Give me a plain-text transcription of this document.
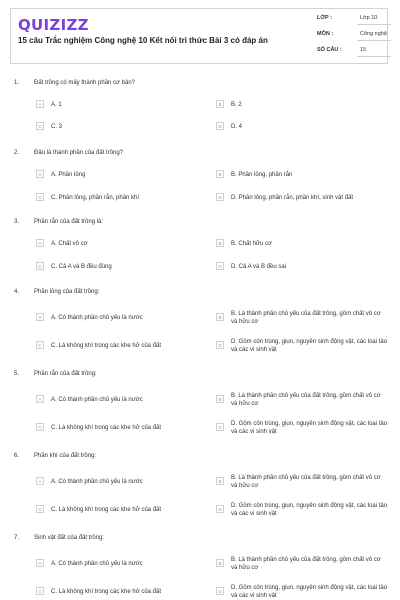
QUIZIZZ
15 câu Trắc nghiệm Công nghệ 10 Kết nối tri thức Bài 3 có đáp án
LỚP :	Lớp 10
MÔN :	Công nghệ
SỐ CÂU :	15
1. Đất trồng có mấy thành phần cơ bản?
A	A. 1	B	B. 2
C	C. 3	D	D. 4
2. Đâu là thành phần của đất trồng?
A	A. Phần lỏng	B	B. Phần lỏng, phần rắn
C	C. Phần lỏng, phần rắn, phần khí	D	D. Phần lỏng, phần rắn, phần khí, sinh vật đất
3. Phần rắn của đất trồng là:
A	A. Chất vô cơ	B	B. Chất hữu cơ
C	C. Cả A và B đều đúng	D	D. Cả A và B đều sai
4. Phần lỏng của đất trồng:
A	A. Có thành phần chủ yếu là nước	B
B. Là thành phần chủ yếu của đất trồng, gồm chất vô cơ và hữu cơ
C	C. Là không khí trong các khe hở của đất	D
D. Gồm côn trùng, giun, nguyên sinh động vật, các loại tảo và các vi sinh vật
5. Phần rắn của đất trồng:
A	A. Có thành phần chủ yếu là nước	B
B. Là thành phần chủ yếu của đất trồng, gồm chất vô cơ và hữu cơ
C	C. Là không khí trong các khe hở của đất	D
D. Gồm côn trùng, giun, nguyên sinh động vật, các loại tảo và các vi sinh vật
6. Phần khí của đất trồng:
A	A. Có thành phần chủ yếu là nước	B
B. Là thành phần chủ yếu của đất trồng, gồm chất vô cơ và hữu cơ
C	C. Là không khí trong các khe hở của đất	D
D. Gồm côn trùng, giun, nguyên sinh động vật, các loại tảo và các vi sinh vật
7. Sinh vật đất của đất trồng:
A	A. Có thành phần chủ yếu là nước	B
B. Là thành phần chủ yếu của đất trồng, gồm chất vô cơ và hữu cơ
C	C. Là không khí trong các khe hở của đất	D
D. Gồm côn trùng, giun, nguyên sinh động vật, các loại tảo và các vi sinh vật
